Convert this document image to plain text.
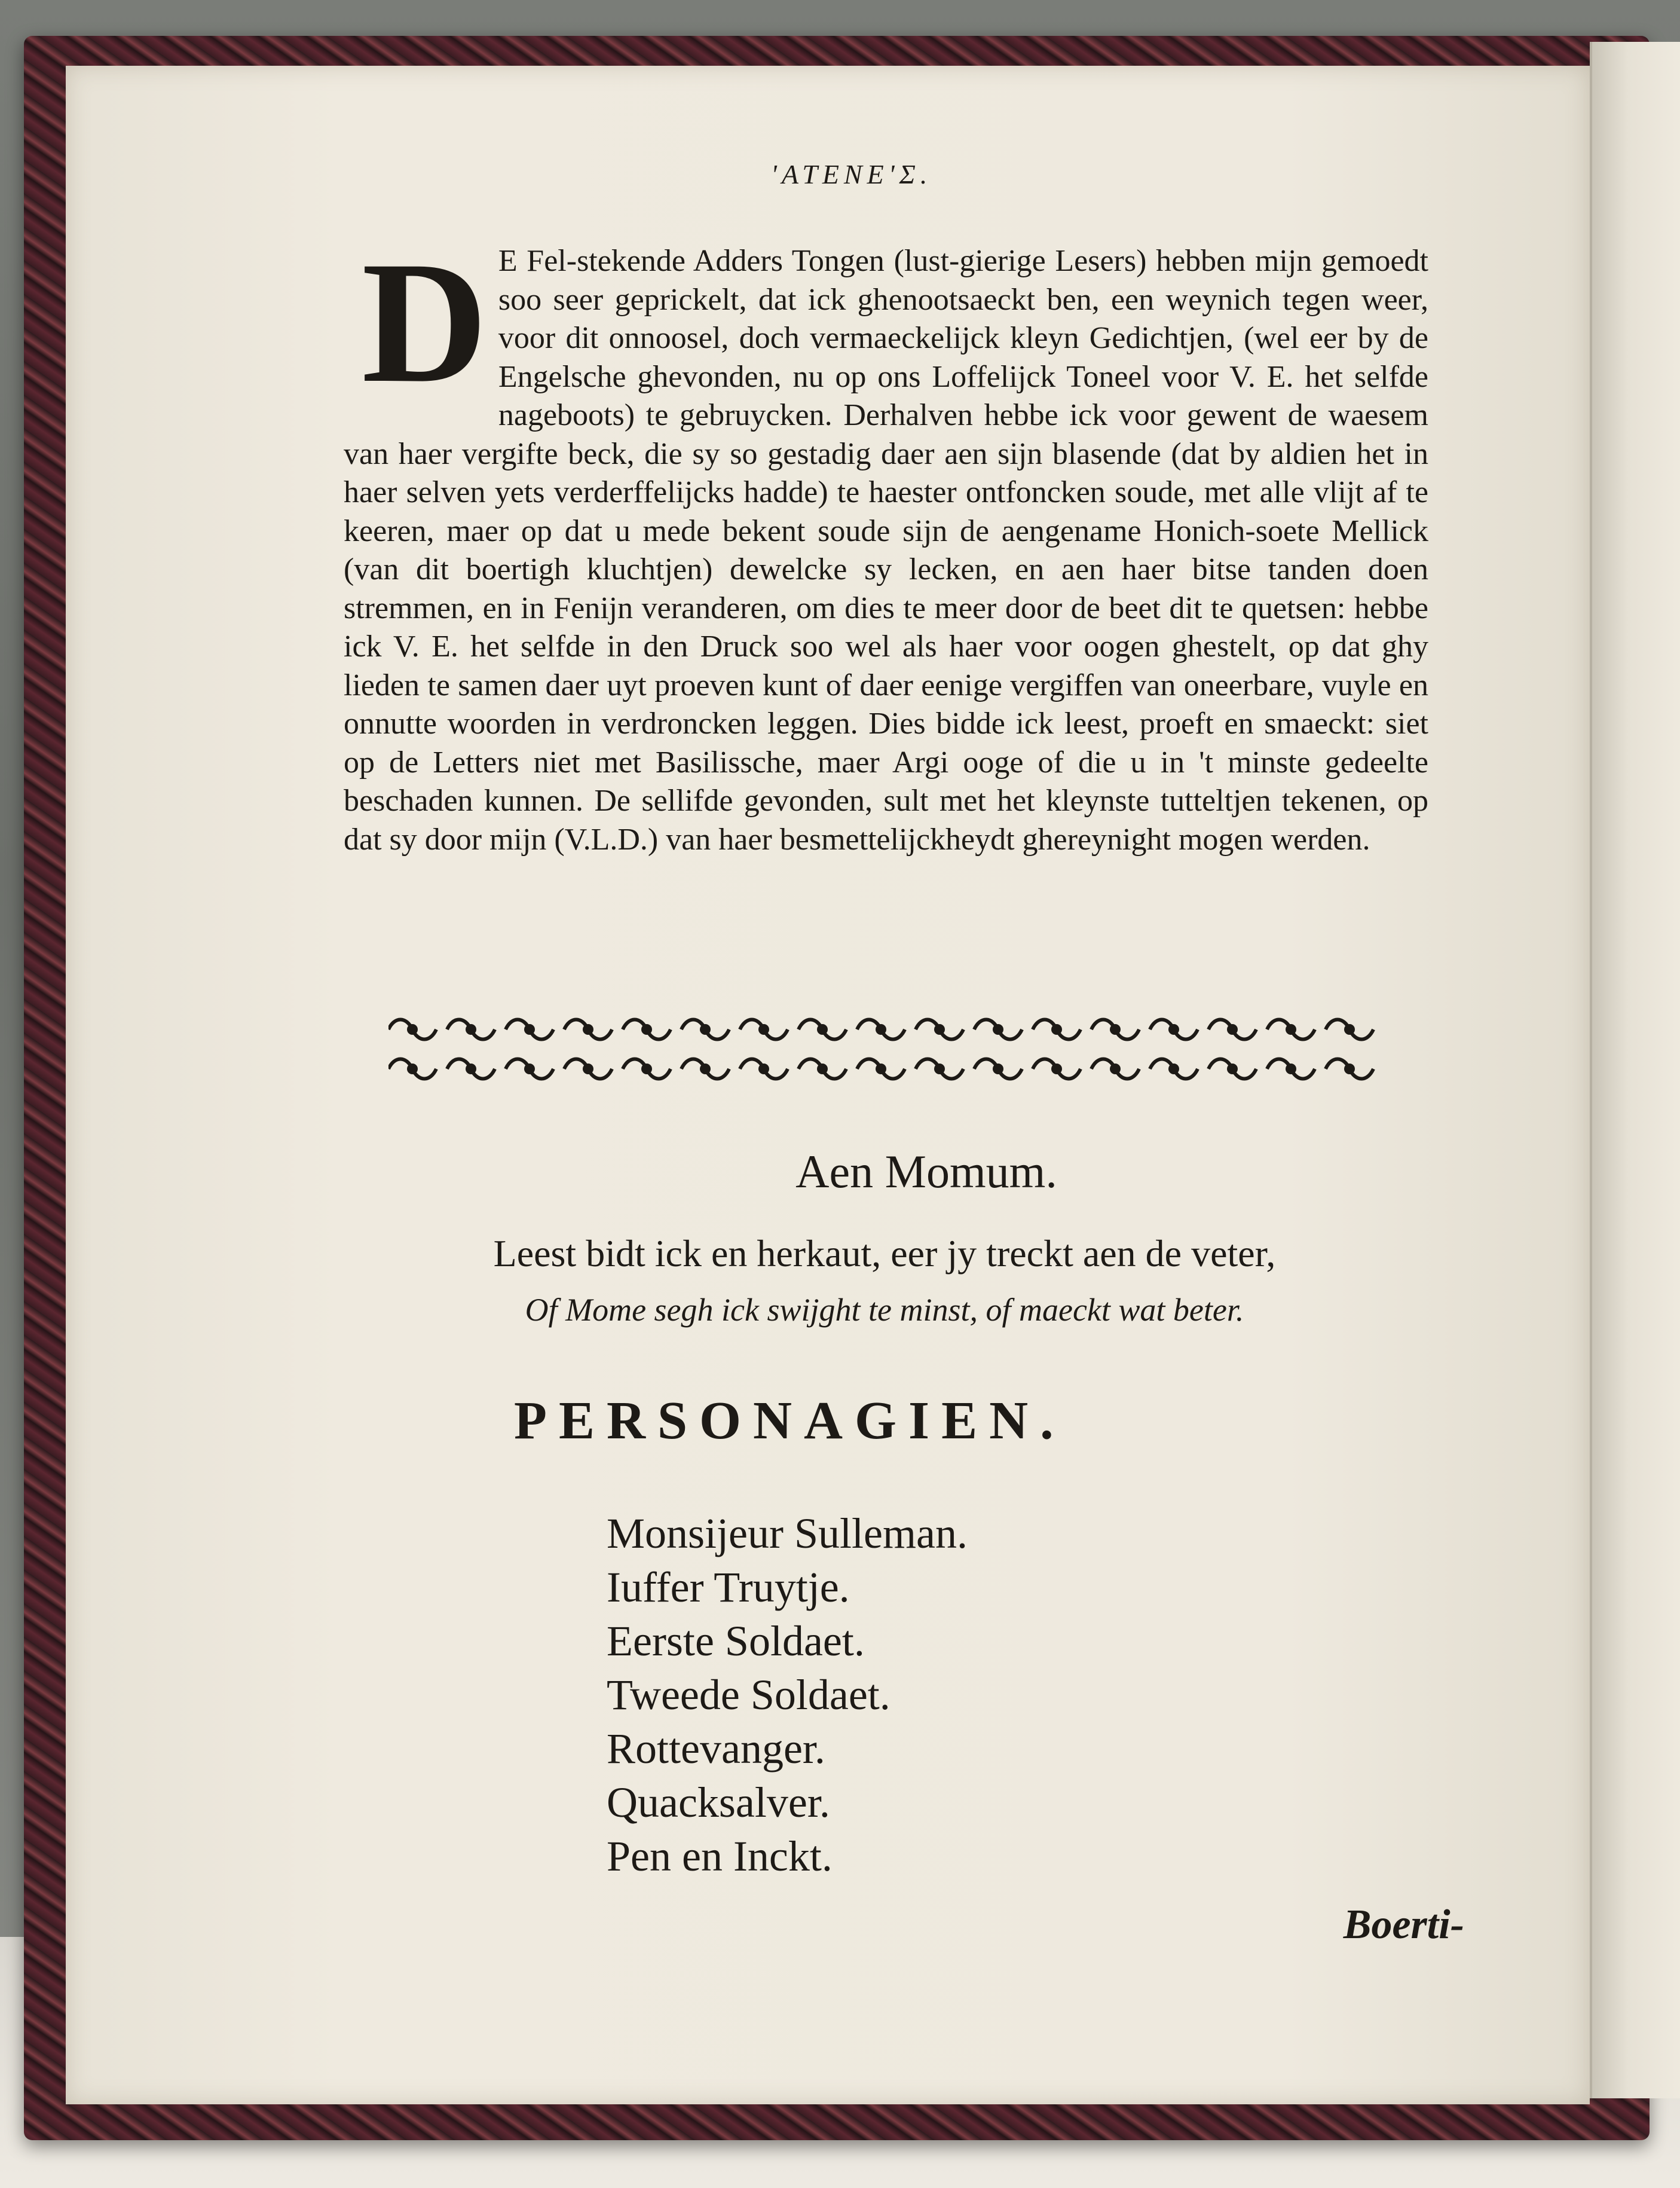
'ATENE'Σ.

D E Fel-stekende Adders Tongen (lust-gierige Lesers) hebben mijn gemoedt soo seer geprickelt, dat ick ghenootsaeckt ben, een weynich tegen weer, voor dit onnoosel, doch vermaeckelijck kleyn Gedichtjen, (wel eer by de Engelsche ghevonden, nu op ons Loffelijck Toneel voor V. E. het selfde nageboots) te gebruycken. Derhalven hebbe ick voor gewent de waesem van haer vergifte beck, die sy so gestadig daer aen sijn blasende (dat by aldien het in haer selven yets verderffelijcks hadde) te haester ontfoncken soude, met alle vlijt af te keeren, maer op dat u mede bekent soude sijn de aengename Honich-soete Mellick (van dit boertigh kluchtjen) dewelcke sy lecken, en aen haer bitse tanden doen stremmen, en in Fenijn veranderen, om dies te meer door de beet dit te quetsen: hebbe ick V. E. het selfde in den Druck soo wel als haer voor oogen ghestelt, op dat ghy lieden te samen daer uyt proeven kunt of daer eenige vergiffen van oneerbare, vuyle en onnutte woorden in verdroncken leggen. Dies bidde ick leest, proeft en smaeckt: siet op de Letters niet met Basilissche, maer Argi ooge of die u in 't minste gedeelte beschaden kunnen. De sellifde gevonden, sult met het kleynste tutteltjen tekenen, op dat sy door mijn (V.L.D.) van haer besmettelijckheydt ghereynight mogen werden.

Aen Momum.
Leest bidt ick en herkaut, eer jy treckt aen de veter,
Of Mome segh ick swijght te minst, of maeckt wat beter.
PERSONAGIEN.
Monsijeur Sulleman.
Iuffer Truytje.
Eerste Soldaet.
Tweede Soldaet.
Rottevanger.
Quacksalver.
Pen en Inckt.
Boerti-
